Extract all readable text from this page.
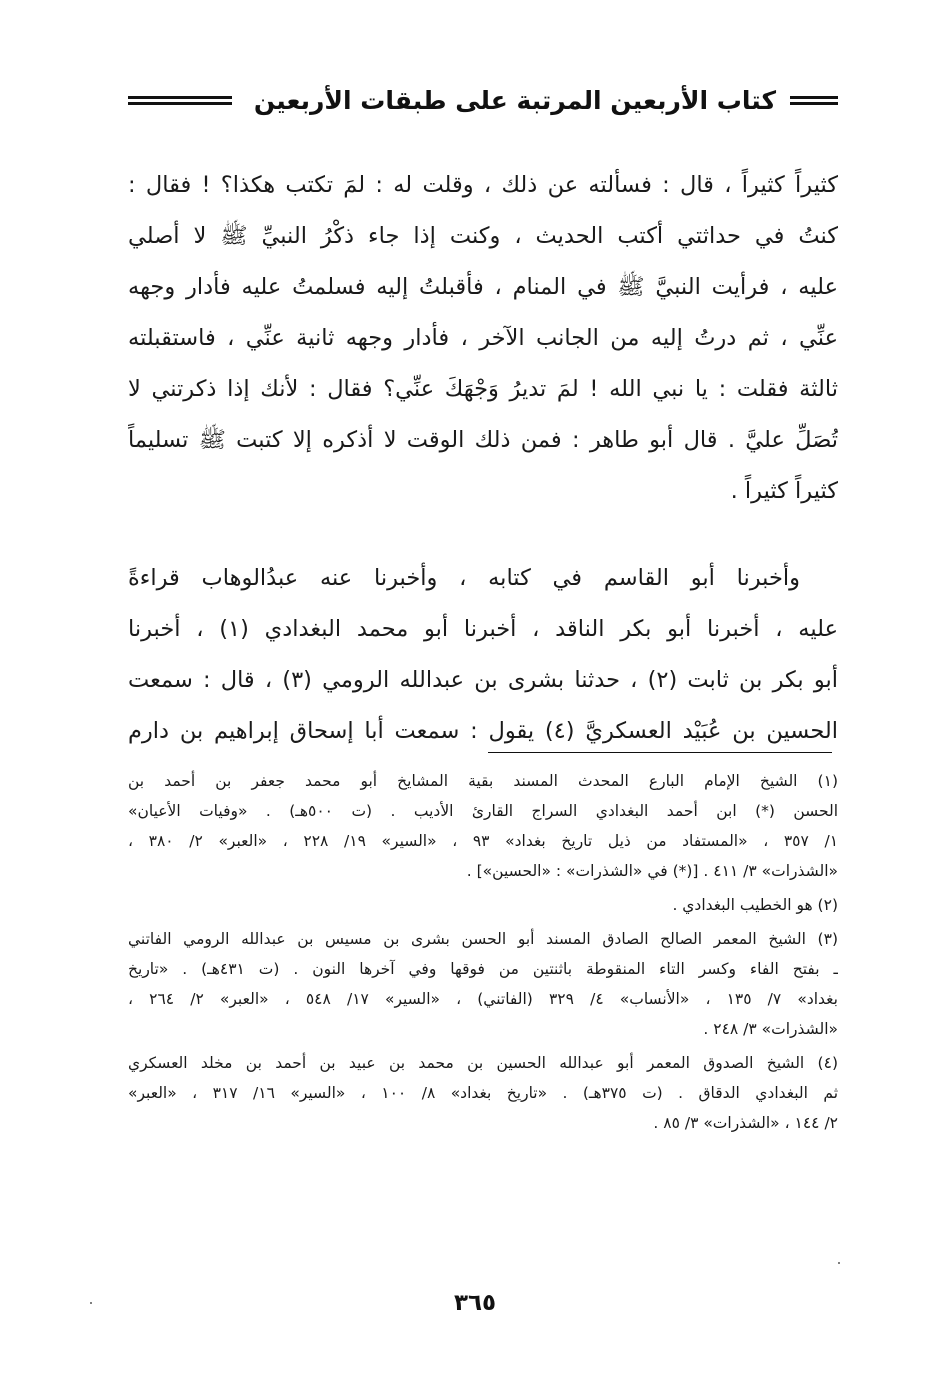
كتاب الأربعين المرتبة على طبقات الأربعين
كثيراً كثيراً ، قال : فسألته عن ذلك ، وقلت له : لمَ تكتب هكذا؟ ! فقال :
كنتُ في حداثتي أكتب الحديث ، وكنت إذا جاء ذكْرُ النبيِّ ﷺ لا أصلي
عليه ، فرأيت النبيَّ ﷺ في المنام ، فأقبلتُ إليه فسلمتُ عليه فأدار وجهه
عنِّي ، ثم درتُ إليه من الجانب الآخر ، فأدار وجهه ثانية عنِّي ، فاستقبلته
ثالثة فقلت : يا نبي الله ! لمَ تديرُ وَجْهَكَ عنِّي؟ فقال : لأنك إذا ذكرتني لا
تُصَلِّ عليَّ . قال أبو طاهر : فمن ذلك الوقت لا أذكره إلا كتبت ﷺ تسليماً
كثيراً كثيراً .
وأخبرنا أبو القاسم في كتابه ، وأخبرنا عنه عبدُالوهاب قراءةً
عليه ، أخبرنا أبو بكر الناقد ، أخبرنا أبو محمد البغدادي (١) ، أخبرنا
أبو بكر بن ثابت (٢) ، حدثنا بشرى بن عبدالله الرومي (٣) ، قال : سمعت
الحسين بن عُبَيْد العسكريَّ (٤) يقول : سمعت أبا إسحاق إبراهيم بن دارم
(١) الشيخ الإمام البارع المحدث المسند بقية المشايخ أبو محمد جعفر بن أحمد بن
الحسن (*) ابن أحمد البغدادي السراج القارئ الأديب . (ت ٥٠٠هـ) . «وفيات الأعيان»
١/ ٣٥٧ ، «المستفاد من ذيل تاريخ بغداد» ٩٣ ، «السير» ١٩/ ٢٢٨ ، «العبر» ٢/ ٣٨٠ ،
«الشذرات» ٣/ ٤١١ . [(*) في «الشذرات» : «الحسين»] .
(٢) هو الخطيب البغدادي .
(٣) الشيخ المعمر الصالح الصادق المسند أبو الحسن بشرى بن مسيس بن عبدالله الرومي الفاتني
ـ بفتح الفاء وكسر التاء المنقوطة باثنتين من فوقها وفي آخرها النون . (ت ٤٣١هـ) . «تاريخ
بغداد» ٧/ ١٣٥ ، «الأنساب» ٤/ ٣٢٩ (الفاتني) ، «السير» ١٧/ ٥٤٨ ، «العبر» ٢/ ٢٦٤ ،
«الشذرات» ٣/ ٢٤٨ .
(٤) الشيخ الصدوق المعمر أبو عبدالله الحسين بن محمد بن عبيد بن أحمد بن مخلد العسكري
ثم البغدادي الدقاق . (ت ٣٧٥هـ) . «تاريخ بغداد» ٨/ ١٠٠ ، «السير» ١٦/ ٣١٧ ، «العبر»
٢/ ١٤٤ ، «الشذرات» ٣/ ٨٥ .
٣٦٥
